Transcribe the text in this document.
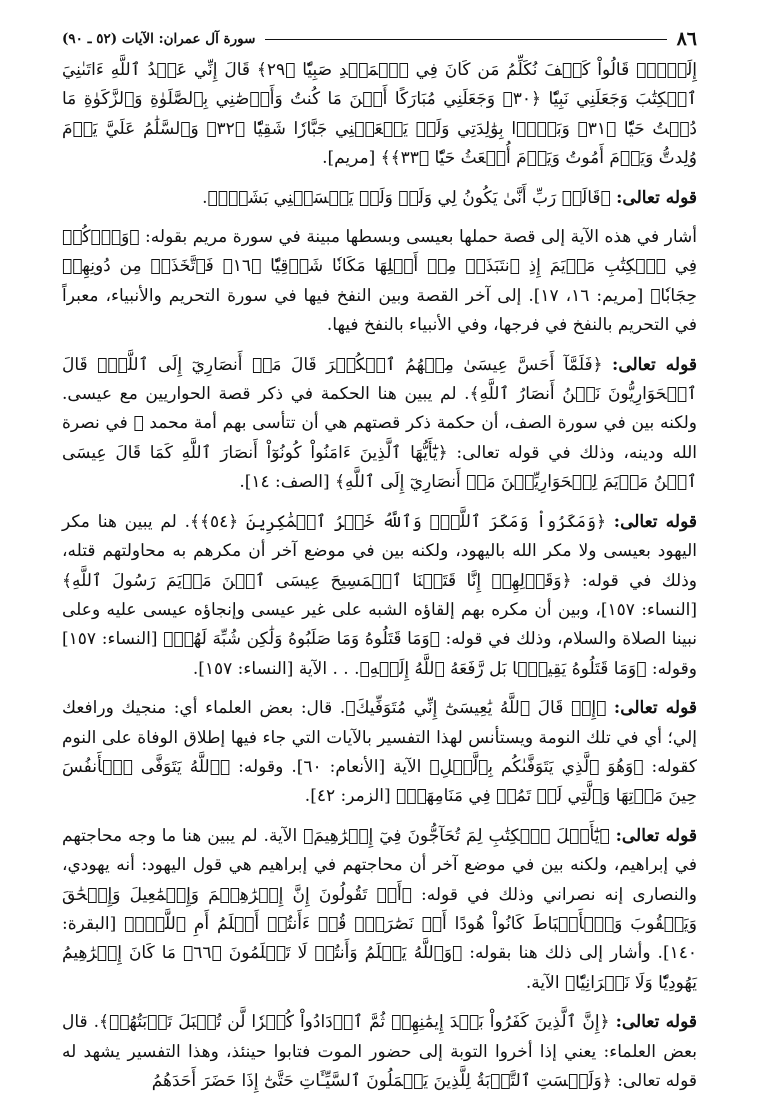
٨٦
سورة آل عمران: الآيات (٥٢ ـ ٩٠)

إِلَيۡهِۖ قَالُواْ كَيۡفَ نُكَلِّمُ مَن كَانَ فِي ٱلۡمَهۡدِ صَبِيّٗا ﴿٢٩﴾ قَالَ إِنِّي عَبۡدُ ٱللَّهِ ءَاتَىٰنِيَ ٱلۡكِتَٰبَ وَجَعَلَنِي نَبِيّٗا ﴿٣٠﴾ وَجَعَلَنِي مُبَارَكًا أَيۡنَ مَا كُنتُ وَأَوۡصَٰنِي بِٱلصَّلَوٰةِ وَٱلزَّكَوٰةِ مَا دُمۡتُ حَيّٗا ﴿٣١﴾ وَبَرَّۢا بِوَٰلِدَتِي وَلَمۡ يَجۡعَلۡنِي جَبَّارٗا شَقِيّٗا ﴿٣٢﴾ وَٱلسَّلَٰمُ عَلَيَّ يَوۡمَ وُلِدتُّ وَيَوۡمَ أَمُوتُ وَيَوۡمَ أُبۡعَثُ حَيّٗا ﴿٣٣﴾﴾ [مريم].

قوله تعالى: ﴿قَالَتۡ رَبِّ أَنَّىٰ يَكُونُ لِي وَلَدٞ وَلَمۡ يَمۡسَسۡنِي بَشَرٞۖ﴾.

أشار في هذه الآية إلى قصة حملها بعيسى وبسطها مبينة في سورة مريم بقوله: ﴿وَٱذۡكُرۡ فِي ٱلۡكِتَٰبِ مَرۡيَمَ إِذِ ٱنتَبَذَتۡ مِنۡ أَهۡلِهَا مَكَانٗا شَرۡقِيّٗا ﴿١٦﴾ فَٱتَّخَذَتۡ مِن دُونِهِمۡ حِجَابٗا﴾ [مريم: ١٦، ١٧]. إلى آخر القصة وبين النفخ فيها في سورة التحريم والأنبياء، معبراً في التحريم بالنفخ في فرجها، وفي الأنبياء بالنفخ فيها.

قوله تعالى: ﴿فَلَمَّآ أَحَسَّ عِيسَىٰ مِنۡهُمُ ٱلۡكُفۡرَ قَالَ مَنۡ أَنصَارِيٓ إِلَى ٱللَّهِۖ قَالَ ٱلۡحَوَارِيُّونَ نَحۡنُ أَنصَارُ ٱللَّهِ﴾. لم يبين هنا الحكمة في ذكر قصة الحواريين مع عيسى. ولكنه بين في سورة الصف، أن حكمة ذكر قصتهم هي أن تتأسى بهم أمة محمد ﷺ في نصرة الله ودينه، وذلك في قوله تعالى: ﴿يَٰٓأَيُّهَا ٱلَّذِينَ ءَامَنُواْ كُونُوٓاْ أَنصَارَ ٱللَّهِ كَمَا قَالَ عِيسَى ٱبۡنُ مَرۡيَمَ لِلۡحَوَارِيِّـۧنَ مَنۡ أَنصَارِيٓ إِلَى ٱللَّهِ﴾ [الصف: ١٤].

قوله تعالى: ﴿وَمَكَرُواْ وَمَكَرَ ٱللَّهُۖ وَٱللَّهُ خَيۡرُ ٱلۡمَٰكِرِينَ ﴿٥٤﴾﴾. لم يبين هنا مكر اليهود بعيسى ولا مكر الله باليهود، ولكنه بين في موضع آخر أن مكرهم به محاولتهم قتله، وذلك في قوله: ﴿وَقَوۡلِهِمۡ إِنَّا قَتَلۡنَا ٱلۡمَسِيحَ عِيسَى ٱبۡنَ مَرۡيَمَ رَسُولَ ٱللَّهِ﴾ [النساء: ١٥٧]، وبين أن مكره بهم إلقاؤه الشبه على غير عيسى وإنجاؤه عيسى عليه وعلى نبينا الصلاة والسلام، وذلك في قوله: ﴿وَمَا قَتَلُوهُ وَمَا صَلَبُوهُ وَلَٰكِن شُبِّهَ لَهُمۡ﴾ [النساء: ١٥٧] وقوله: ﴿وَمَا قَتَلُوهُ يَقِينَۢا بَل رَّفَعَهُ ٱللَّهُ إِلَيۡهِ﴾. . . الآية [النساء: ١٥٧].

قوله تعالى: ﴿إِذۡ قَالَ ٱللَّهُ يَٰعِيسَىٰٓ إِنِّي مُتَوَفِّيكَ﴾. قال: بعض العلماء أي: منجيك ورافعك إلي؛ أي في تلك النومة ويستأنس لهذا التفسير بالآيات التي جاء فيها إطلاق الوفاة على النوم كقوله: ﴿وَهُوَ ٱلَّذِي يَتَوَفَّىٰكُم بِٱلَّيۡلِ﴾ الآية [الأنعام: ٦٠]. وقوله: ﴿ٱللَّهُ يَتَوَفَّى ٱلۡأَنفُسَ حِينَ مَوۡتِهَا وَٱلَّتِي لَمۡ تَمُتۡ فِي مَنَامِهَاۖ﴾ [الزمر: ٤٢].

قوله تعالى: ﴿يَٰٓأَهۡلَ ٱلۡكِتَٰبِ لِمَ تُحَآجُّونَ فِيٓ إِبۡرَٰهِيمَ﴾ الآية. لم يبين هنا ما وجه محاجتهم في إبراهيم، ولكنه بين في موضع آخر أن محاجتهم في إبراهيم هي قول اليهود: أنه يهودي، والنصارى إنه نصراني وذلك في قوله: ﴿أَمۡ تَقُولُونَ إِنَّ إِبۡرَٰهِـۧمَ وَإِسۡمَٰعِيلَ وَإِسۡحَٰقَ وَيَعۡقُوبَ وَٱلۡأَسۡبَاطَ كَانُواْ هُودًا أَوۡ نَصَٰرَىٰۗ قُلۡ ءَأَنتُمۡ أَعۡلَمُ أَمِ ٱللَّهُۗ﴾ [البقرة: ١٤٠]. وأشار إلى ذلك هنا بقوله: ﴿وَٱللَّهُ يَعۡلَمُ وَأَنتُمۡ لَا تَعۡلَمُونَ ﴿٦٦﴾ مَا كَانَ إِبۡرَٰهِيمُ يَهُودِيّٗا وَلَا نَصۡرَانِيّٗا﴾ الآية.

قوله تعالى: ﴿إِنَّ ٱلَّذِينَ كَفَرُواْ بَعۡدَ إِيمَٰنِهِمۡ ثُمَّ ٱزۡدَادُواْ كُفۡرٗا لَّن تُقۡبَلَ تَوۡبَتُهُمۡ﴾. قال بعض العلماء: يعني إذا أخروا التوبة إلى حضور الموت فتابوا حينئذ، وهذا التفسير يشهد له قوله تعالى: ﴿وَلَيۡسَتِ ٱلتَّوۡبَةُ لِلَّذِينَ يَعۡمَلُونَ ٱلسَّيِّـَٔاتِ حَتَّىٰٓ إِذَا حَضَرَ أَحَدَهُمُ
